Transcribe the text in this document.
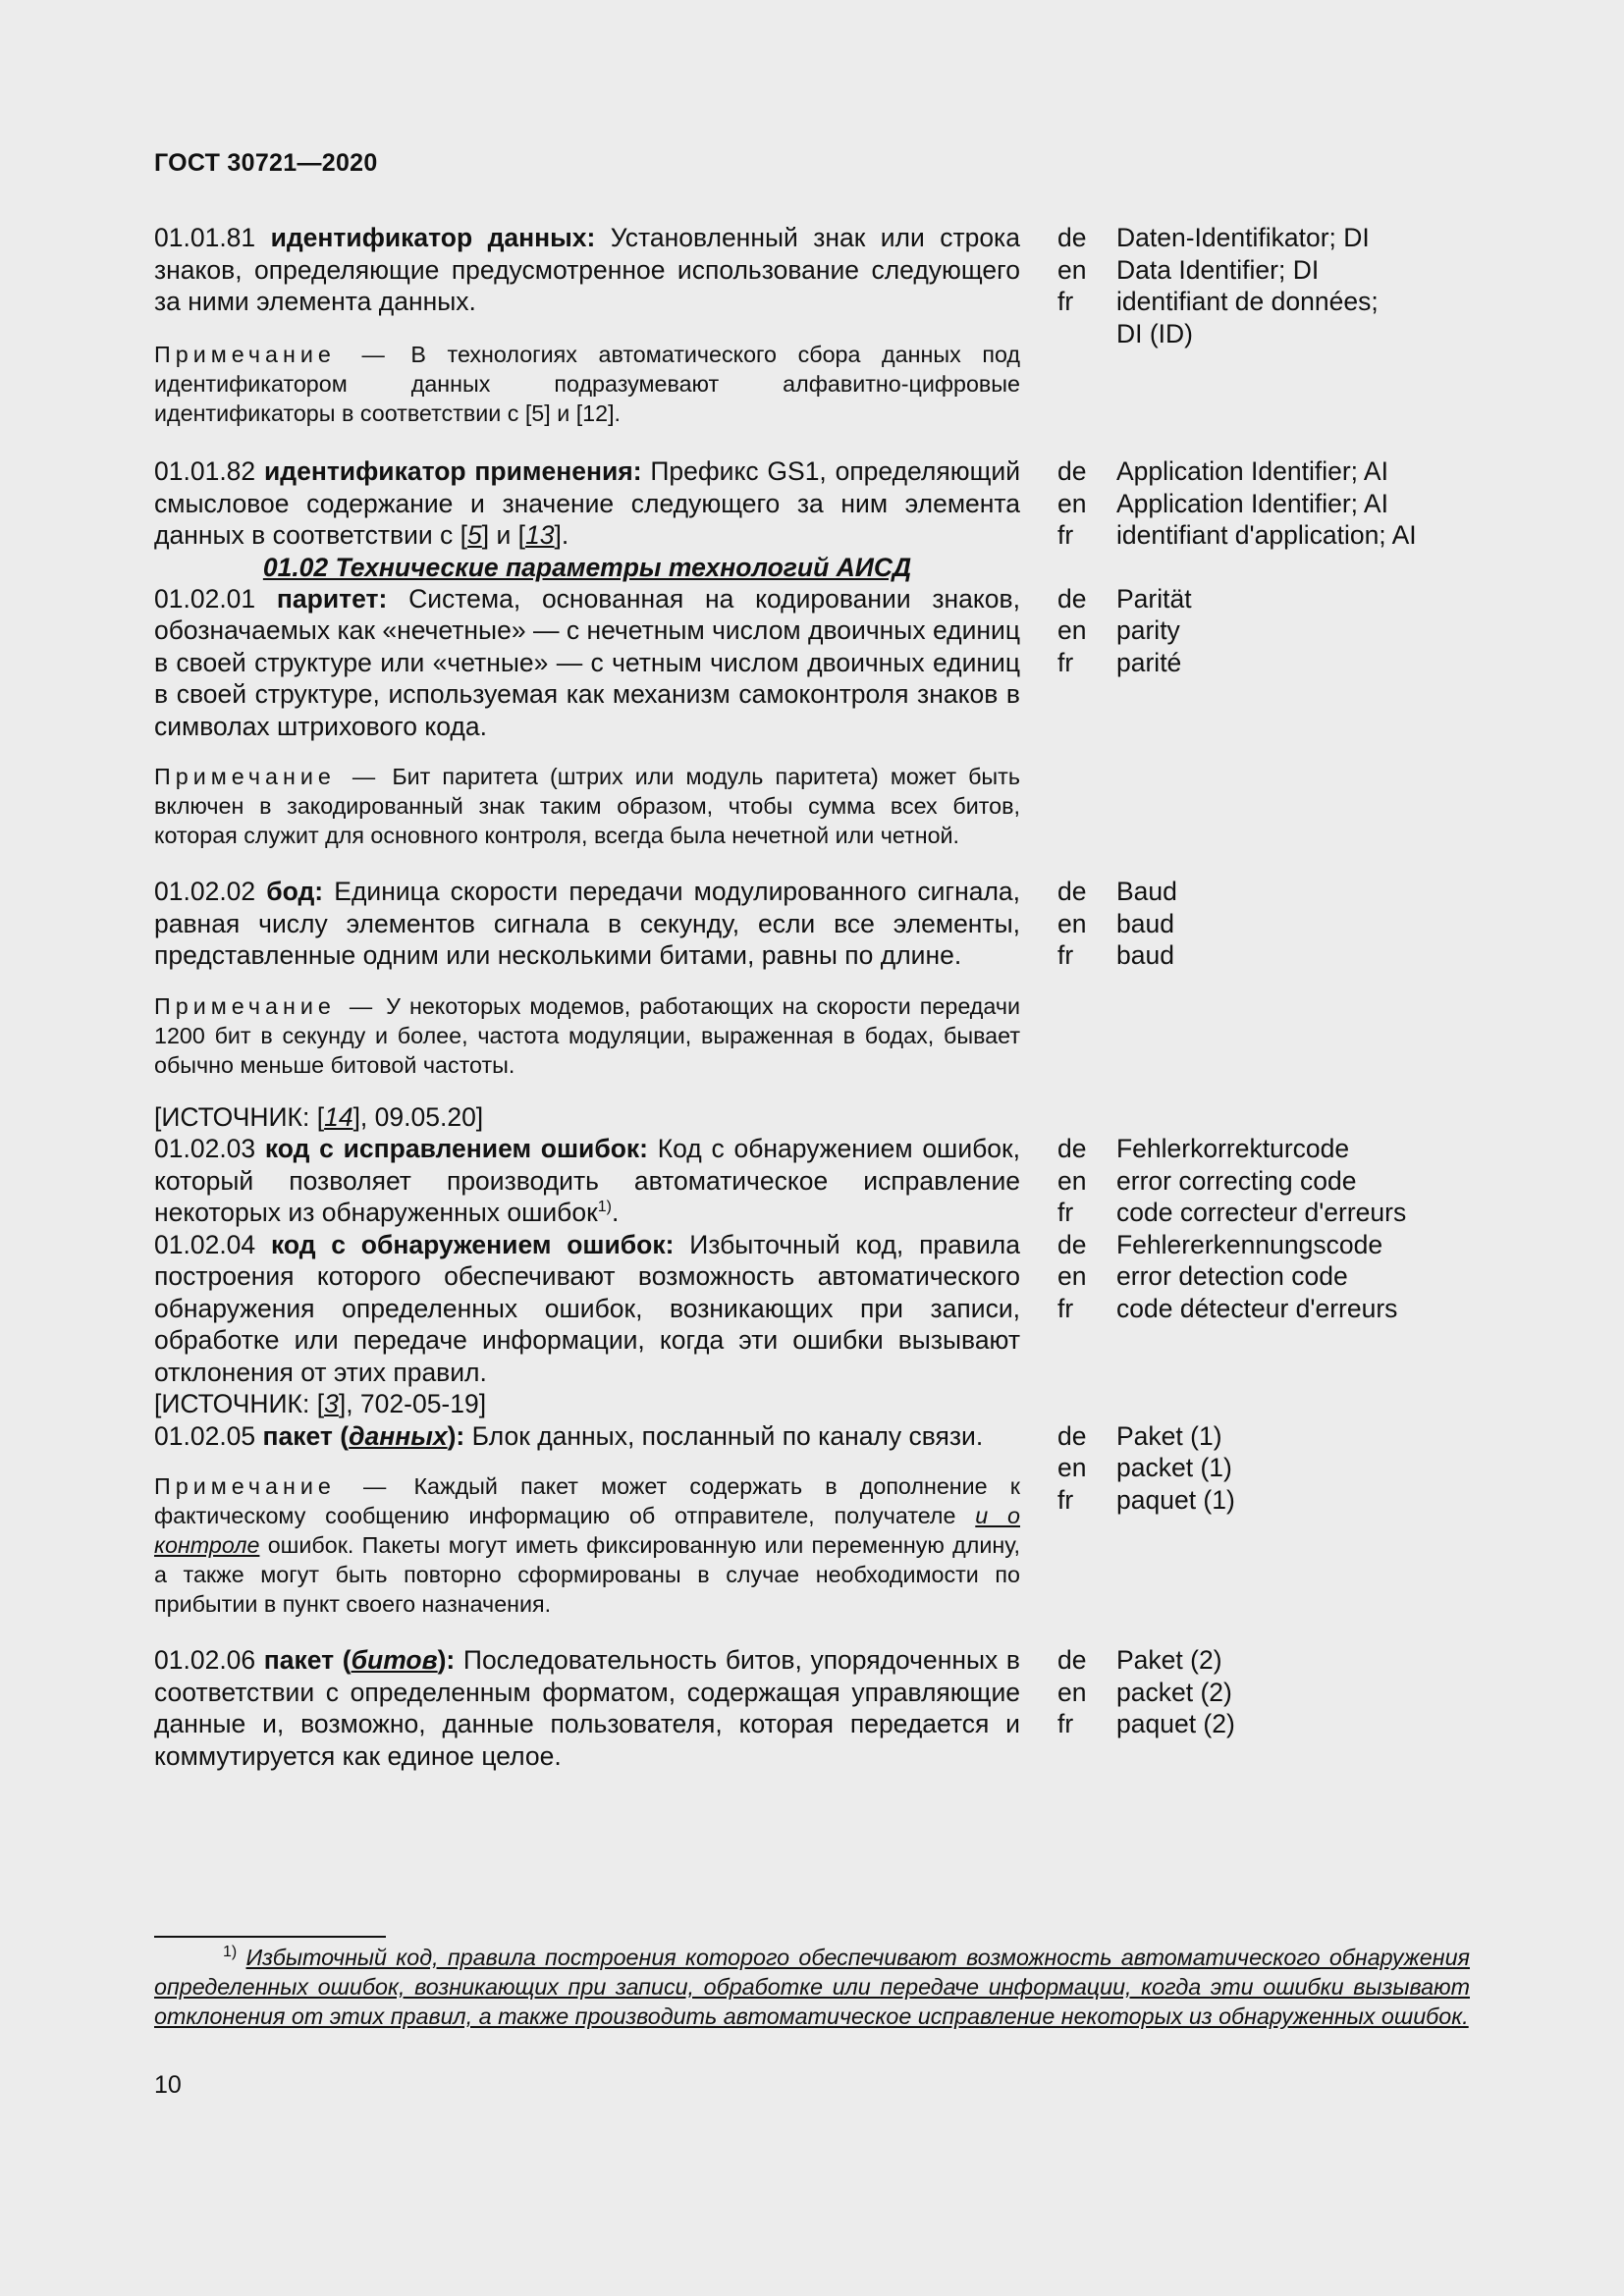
ГОСТ 30721—2020
01.01.81 идентификатор данных: Установленный знак или строка знаков, определяющие предусмотренное использование следующего за ними элемента данных.
de
en
fr
Daten-Identifikator; DI
Data Identifier; DI
identifiant de données;
DI (ID)
Примечание — В технологиях автоматического сбора данных под идентификатором данных подразумевают алфавитно-цифровые идентификаторы в соответствии с [5] и [12].
01.01.82 идентификатор применения: Префикс GS1, определяющий смысловое содержание и значение следующего за ним элемента данных в соответствии с [5] и [13].
de
en
fr
Application Identifier; AI
Application Identifier; AI
identifiant d'application; AI
01.02 Технические параметры технологий АИСД
01.02.01 паритет: Система, основанная на кодировании знаков, обозначаемых как «нечетные» — с нечетным числом двоичных единиц в своей структуре или «четные» — с четным числом двоичных единиц в своей структуре, используемая как механизм самоконтроля знаков в символах штрихового кода.
de
en
fr
Parität
parity
parité
Примечание — Бит паритета (штрих или модуль паритета) может быть включен в закодированный знак таким образом, чтобы сумма всех битов, которая служит для основного контроля, всегда была нечетной или четной.
01.02.02 бод: Единица скорости передачи модулированного сигнала, равная числу элементов сигнала в секунду, если все элементы, представленные одним или несколькими битами, равны по длине.
de
en
fr
Baud
baud
baud
Примечание — У некоторых модемов, работающих на скорости передачи 1200 бит в секунду и более, частота модуляции, выраженная в бодах, бывает обычно меньше битовой частоты.
[ИСТОЧНИК: [14], 09.05.20]
01.02.03 код с исправлением ошибок: Код с обнаружением ошибок, который позволяет производить автоматическое исправление некоторых из обнаруженных ошибок$^{1)}$.
de
en
fr
Fehlerkorrekturcode
error correcting code
code correcteur d'erreurs
01.02.04 код с обнаружением ошибок: Избыточный код, правила построения которого обеспечивают возможность автоматического обнаружения определенных ошибок, возникающих при записи, обработке или передаче информации, когда эти ошибки вызывают отклонения от этих правил.
de
en
fr
Fehlererkennungscode
error detection code
code détecteur d'erreurs
[ИСТОЧНИК: [3], 702-05-19]
01.02.05 пакет (данных): Блок данных, посланный по каналу связи.
Примечание — Каждый пакет может содержать в дополнение к фактическому сообщению информацию об отправителе, получателе и о контроле ошибок. Пакеты могут иметь фиксированную или переменную длину, а также могут быть повторно сформированы в случае необходимости по прибытии в пункт своего назначения.
de
en
fr
Paket (1)
packet (1)
paquet (1)
01.02.06 пакет (битов): Последовательность битов, упорядоченных в соответствии с определенным форматом, содержащая управляющие данные и, возможно, данные пользователя, которая передается и коммутируется как единое целое.
de
en
fr
Paket (2)
packet (2)
paquet (2)
$^{1)}$ Избыточный код, правила построения которого обеспечивают возможность автоматического обнаружения определенных ошибок, возникающих при записи, обработке или передаче информации, когда эти ошибки вызывают отклонения от этих правил, а также производить автоматическое исправление некоторых из обнаруженных ошибок.
10
